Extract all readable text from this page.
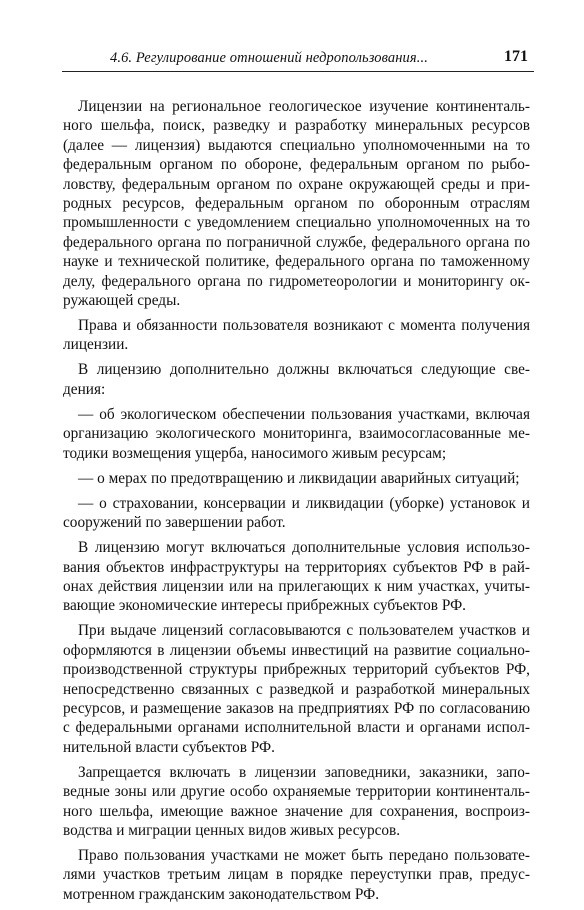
4.6. Регулирование отношений недропользования...	171

Лицензии на региональное геологическое изучение континентального шельфа, поиск, разведку и разработку минеральных ресурсов (далее — лицензия) выдаются специально уполномоченными на то федеральным органом по обороне, федеральным органом по рыболовству, федеральным органом по охране окружающей среды и природных ресурсов, федеральным органом по оборонным отраслям промышленности с уведомлением специально уполномоченных на то федерального органа по пограничной службе, федерального органа по науке и технической политике, федерального органа по таможенному делу, федерального органа по гидрометеорологии и мониторингу окружающей среды.

Права и обязанности пользователя возникают с момента получения лицензии.

В лицензию дополнительно должны включаться следующие сведения:

— об экологическом обеспечении пользования участками, включая организацию экологического мониторинга, взаимосогласованные методики возмещения ущерба, наносимого живым ресурсам;

— о мерах по предотвращению и ликвидации аварийных ситуаций;

— о страховании, консервации и ликвидации (уборке) установок и сооружений по завершении работ.

В лицензию могут включаться дополнительные условия использования объектов инфраструктуры на территориях субъектов РФ в районах действия лицензии или на прилегающих к ним участках, учитывающие экономические интересы прибрежных субъектов РФ.

При выдаче лицензий согласовываются с пользователем участков и оформляются в лицензии объемы инвестиций на развитие социально-производственной структуры прибрежных территорий субъектов РФ, непосредственно связанных с разведкой и разработкой минеральных ресурсов, и размещение заказов на предприятиях РФ по согласованию с федеральными органами исполнительной власти и органами исполнительной власти субъектов РФ.

Запрещается включать в лицензии заповедники, заказники, заповедные зоны или другие особо охраняемые территории континентального шельфа, имеющие важное значение для сохранения, воспроизводства и миграции ценных видов живых ресурсов.

Право пользования участками не может быть передано пользователями участков третьим лицам в порядке переуступки прав, предусмотренном гражданским законодательством РФ.
